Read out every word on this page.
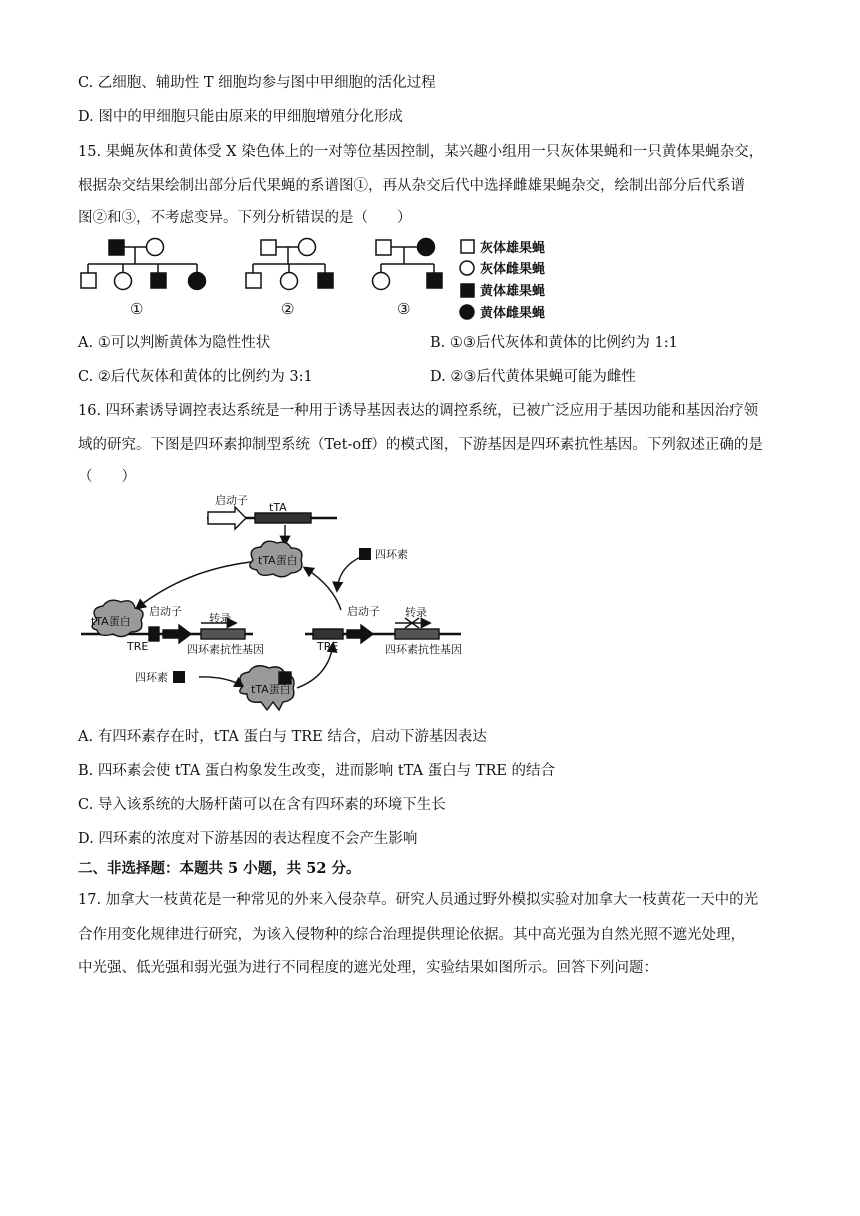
C. 乙细胞、辅助性 T 细胞均参与图中甲细胞的活化过程
D. 图中的甲细胞只能由原来的甲细胞增殖分化形成
15. 果蝇灰体和黄体受 X 染色体上的一对等位基因控制，某兴趣小组用一只灰体果蝇和一只黄体果蝇杂交，
根据杂交结果绘制出部分后代果蝇的系谱图①，再从杂交后代中选择雌雄果蝇杂交，绘制出部分后代系谱
图②和③，不考虑变异。下列分析错误的是（　　）
①	②	③
灰体雄果蝇
灰体雌果蝇
黄体雄果蝇
黄体雌果蝇
A. ①可以判断黄体为隐性性状	B. ①③后代灰体和黄体的比例约为 1:1
C. ②后代灰体和黄体的比例约为 3:1	D. ②③后代黄体果蝇可能为雌性
16. 四环素诱导调控表达系统是一种用于诱导基因表达的调控系统，已被广泛应用于基因功能和基因治疗领
域的研究。下图是四环素抑制型系统（Tet-off）的模式图，下游基因是四环素抗性基因。下列叙述正确的是
（　　）
启动子
tTA
tTA蛋白	四环素
tTA蛋白
启动子
转录
TRE	四环素抗性基因
启动子 转录
TRE	四环素抗性基因
四环素
tTA蛋白
A. 有四环素存在时，tTA 蛋白与 TRE 结合，启动下游基因表达
B. 四环素会使 tTA 蛋白构象发生改变，进而影响 tTA 蛋白与 TRE 的结合
C. 导入该系统的大肠杆菌可以在含有四环素的环境下生长
D. 四环素的浓度对下游基因的表达程度不会产生影响
二、非选择题：本题共 5 小题，共 52 分。
17. 加拿大一枝黄花是一种常见的外来入侵杂草。研究人员通过野外模拟实验对加拿大一枝黄花一天中的光
合作用变化规律进行研究，为该入侵物种的综合治理提供理论依据。其中高光强为自然光照不遮光处理，
中光强、低光强和弱光强为进行不同程度的遮光处理，实验结果如图所示。回答下列问题：
